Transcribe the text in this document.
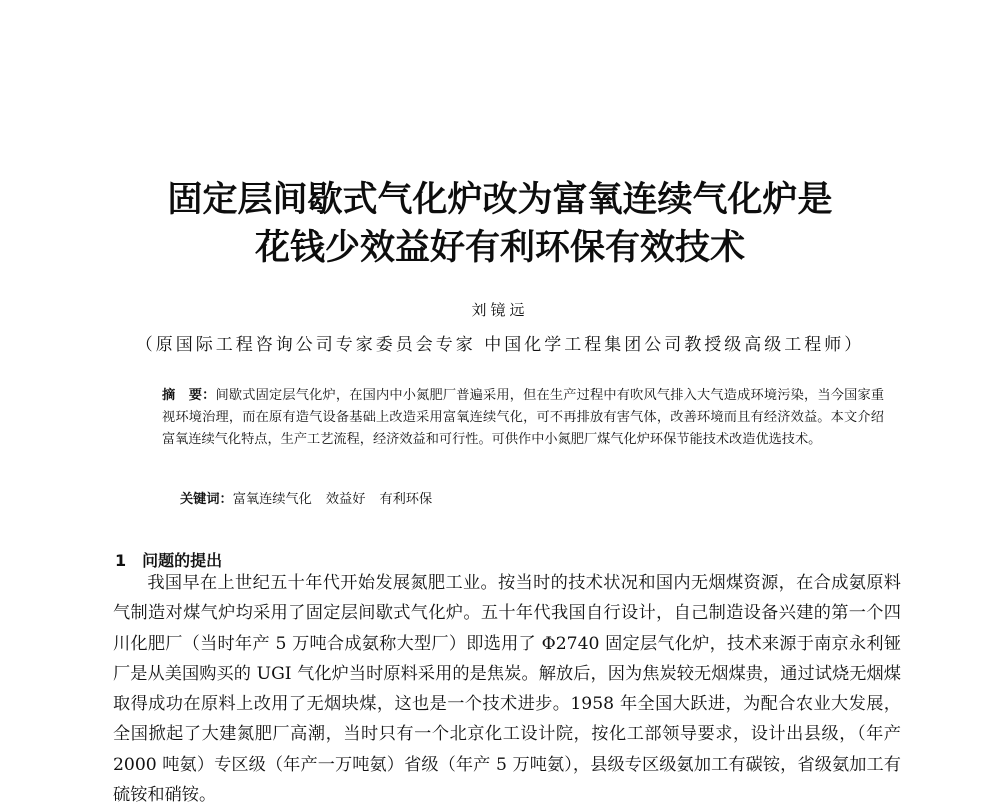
固定层间歇式气化炉改为富氧连续气化炉是
花钱少效益好有利环保有效技术
刘镜远
（原国际工程咨询公司专家委员会专家 中国化学工程集团公司教授级高级工程师）
摘　要：间歇式固定层气化炉，在国内中小氮肥厂普遍采用，但在生产过程中有吹风气排入大气造成环境污染，当今国家重视环境治理，而在原有造气设备基础上改造采用富氧连续气化，可不再排放有害气体，改善环境而且有经济效益。本文介绍富氧连续气化特点，生产工艺流程，经济效益和可行性。可供作中小氮肥厂煤气化炉环保节能技术改造优选技术。
关键词：富氧连续气化 效益好 有利环保
1 问题的提出

我国早在上世纪五十年代开始发展氮肥工业。按当时的技术状况和国内无烟煤资源，在合成氨原料气制造对煤气炉均采用了固定层间歇式气化炉。五十年代我国自行设计，自己制造设备兴建的第一个四川化肥厂（当时年产 5 万吨合成氨称大型厂）即选用了 Φ2740 固定层气化炉，技术来源于南京永利铔厂是从美国购买的 UGI 气化炉当时原料采用的是焦炭。解放后，因为焦炭较无烟煤贵，通过试烧无烟煤取得成功在原料上改用了无烟块煤，这也是一个技术进步。1958 年全国大跃进，为配合农业大发展，全国掀起了大建氮肥厂高潮，当时只有一个北京化工设计院，按化工部领导要求，设计出县级，（年产 2000 吨氨）专区级（年产一万吨氨）省级（年产 5 万吨氨），县级专区级氨加工有碳铵，省级氨加工有硫铵和硝铵。
